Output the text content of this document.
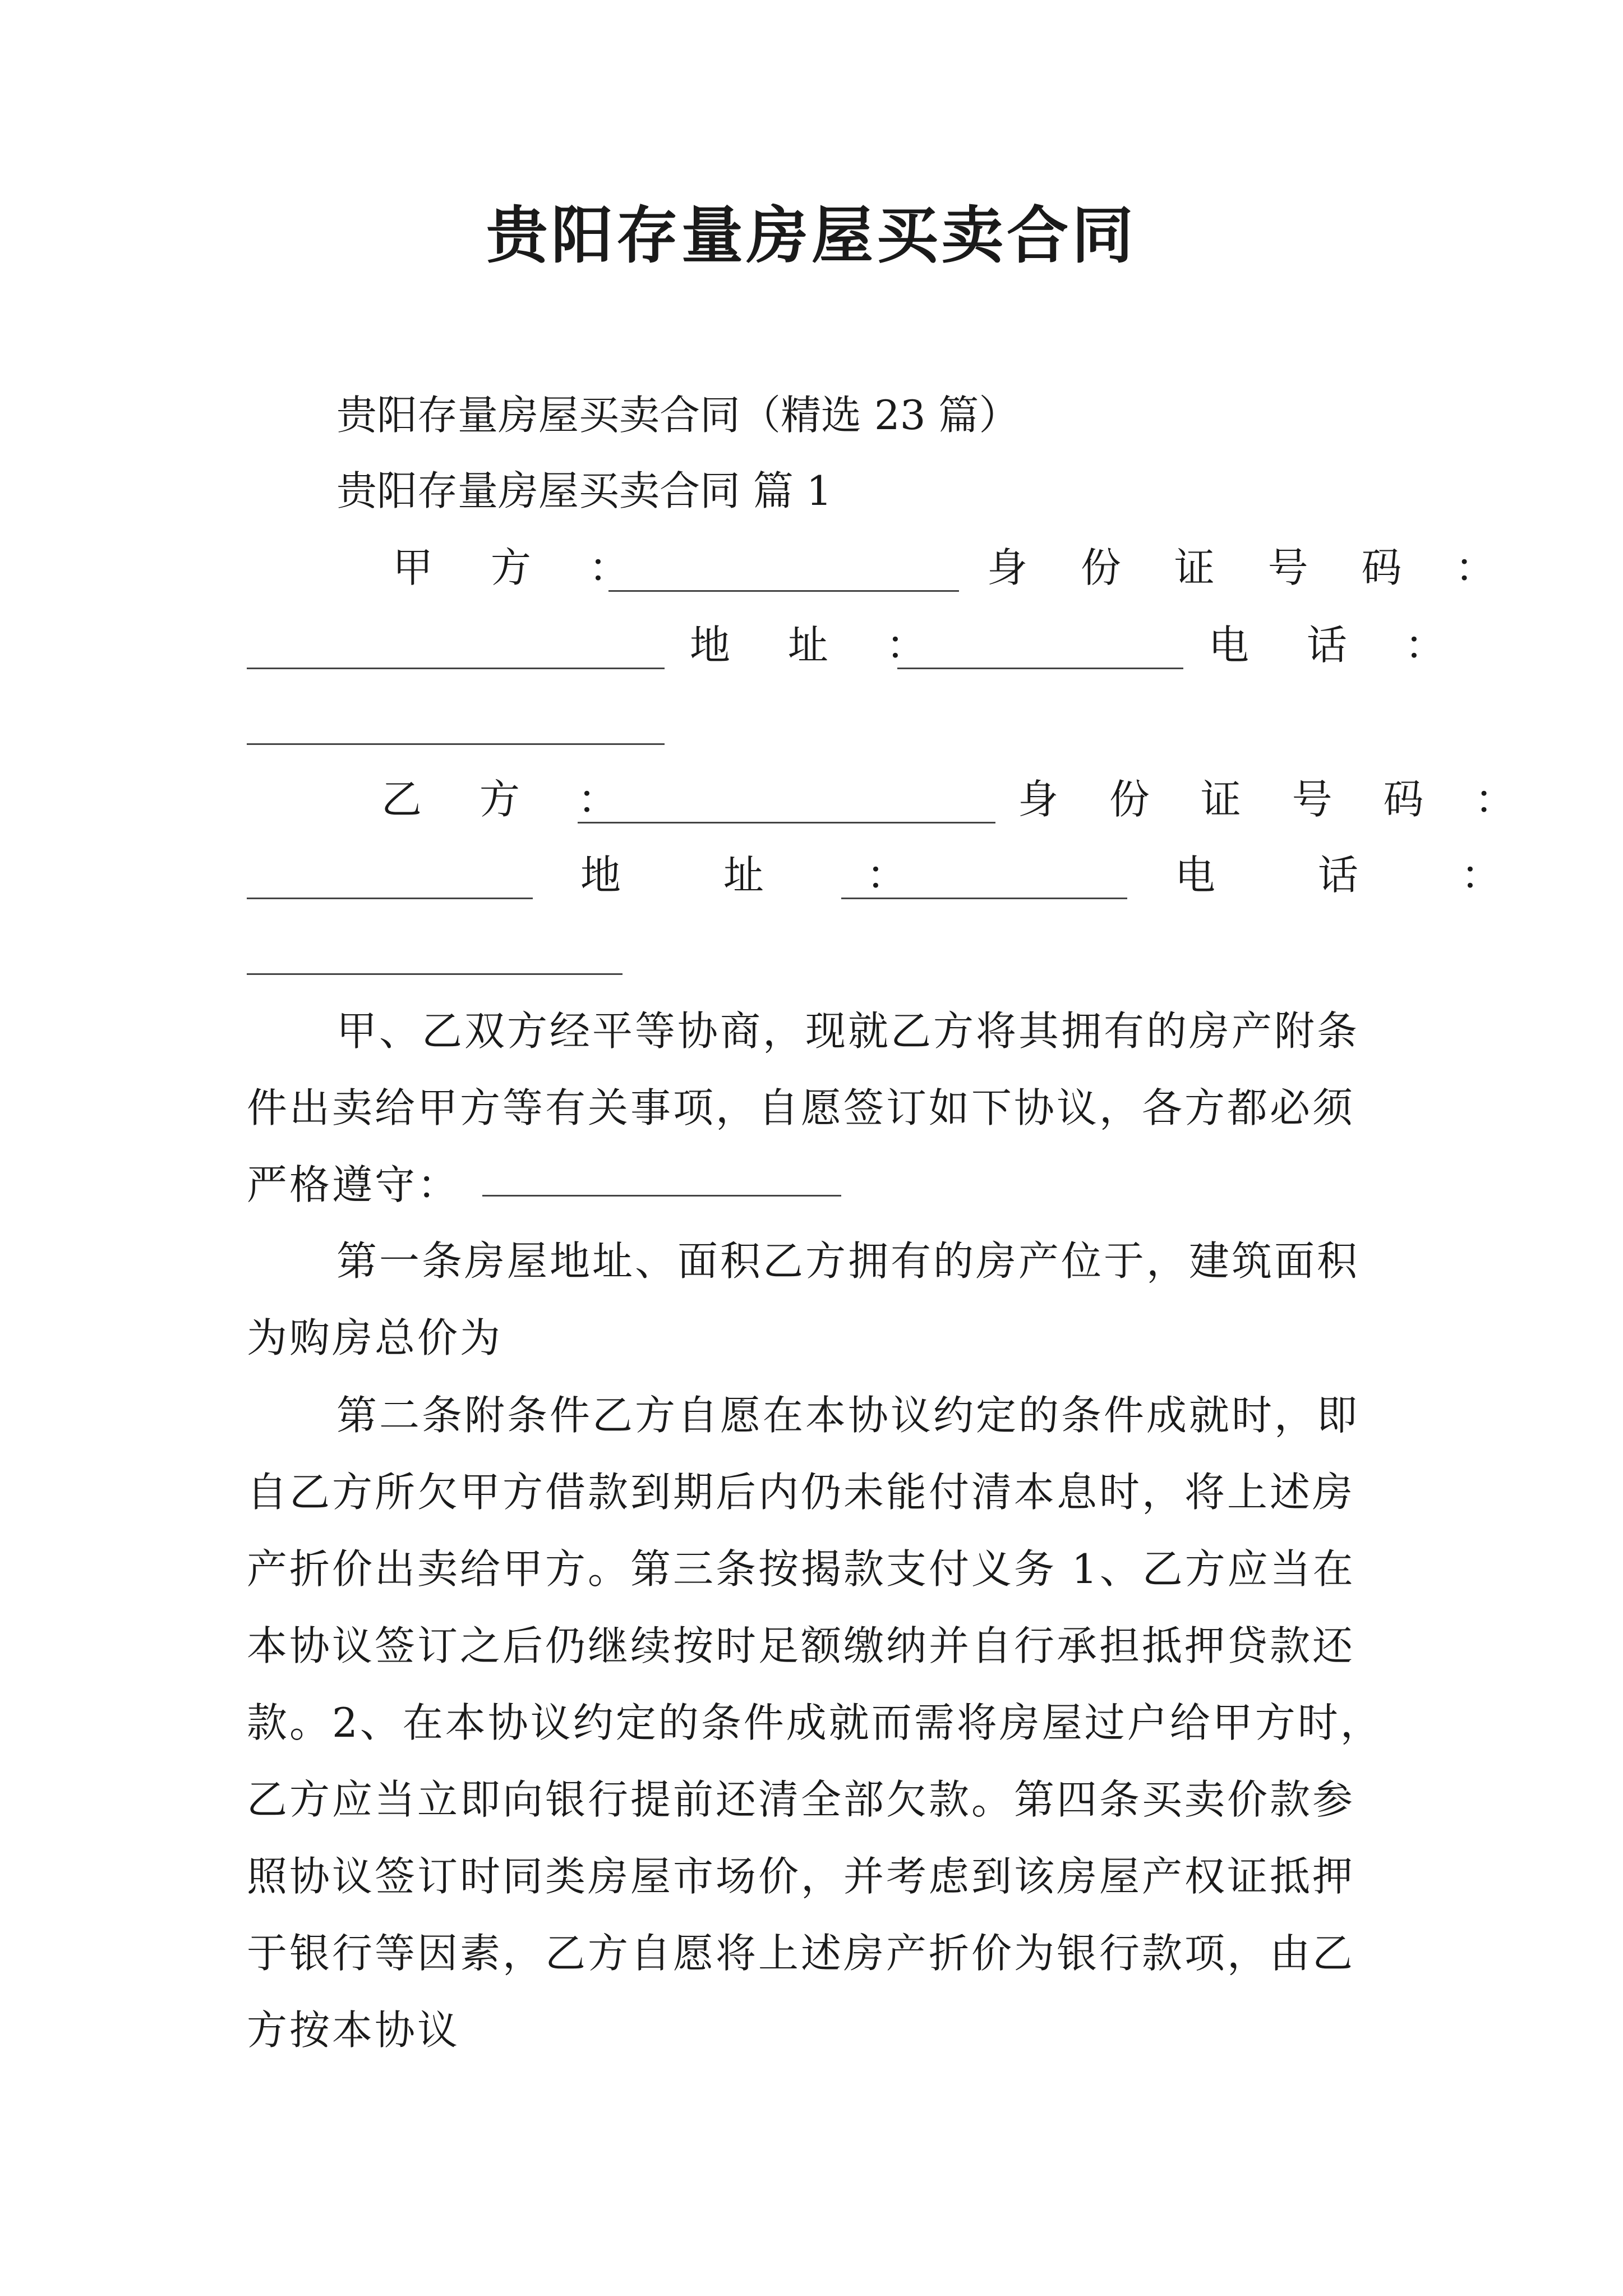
贵阳存量房屋买卖合同
贵阳存量房屋买卖合同（精选 23 篇）
贵阳存量房屋买卖合同 篇 1
甲 方 ：	身 份 证 号 码 ：
地 址 ：	电 话 ：
乙 方 ：	身 份 证 号 码 ：
地 址 ：	电 话 ：
甲、乙双方经平等协商，现就乙方将其拥有的房产附条件出卖给甲方等有关事项，自愿签订如下协议，各方都必须严格遵守：
第一条房屋地址、面积乙方拥有的房产位于，建筑面积为购房总价为
第二条附条件乙方自愿在本协议约定的条件成就时，即自乙方所欠甲方借款到期后内仍未能付清本息时，将上述房产折价出卖给甲方。第三条按揭款支付义务 1、乙方应当在本协议签订之后仍继续按时足额缴纳并自行承担抵押贷款还款。2、在本协议约定的条件成就而需将房屋过户给甲方时，乙方应当立即向银行提前还清全部欠款。第四条买卖价款参照协议签订时同类房屋市场价，并考虑到该房屋产权证抵押于银行等因素，乙方自愿将上述房产折价为银行款项，由乙方按本协议
